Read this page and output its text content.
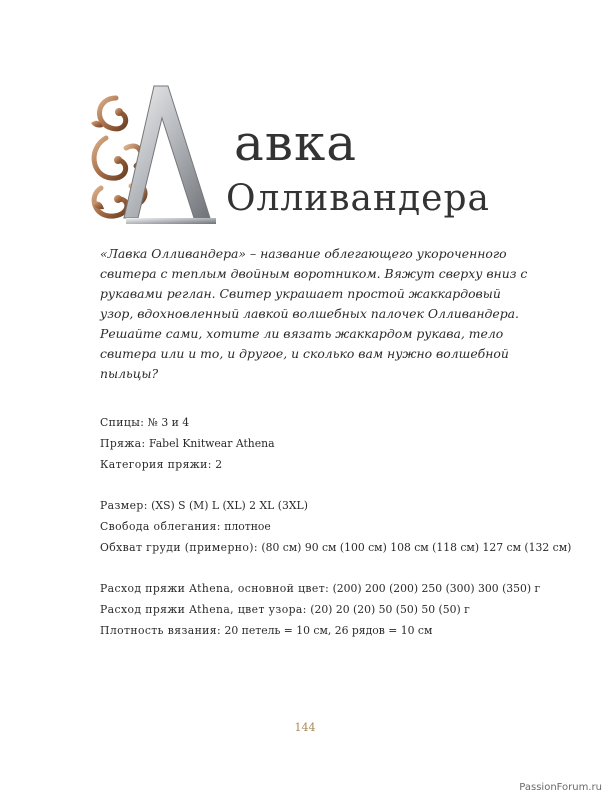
авка
Олливандера

«Лавка Олливандера» – название облегающего укороченного свитера с теплым двойным воротником. Вяжут сверху вниз с рукавами реглан. Свитер украшает простой жаккардовый узор, вдохновленный лавкой волшебных палочек Олливандера. Решайте сами, хотите ли вязать жаккардом рукава, тело свитера или и то, и другое, и сколько вам нужно волшебной пыльцы?

Спицы: № 3 и 4
Пряжа: Fabel Knitwear Athena
Категория пряжи: 2
Размер: (XS) S (M) L (XL) 2 XL (3XL)
Свобода облегания: плотное
Обхват груди (примерно): (80 см) 90 см (100 см) 108 см (118 см) 127 см (132 см)
Расход пряжи Athena, основной цвет: (200) 200 (200) 250 (300) 300 (350) г
Расход пряжи Athena, цвет узора: (20) 20 (20) 50 (50) 50 (50) г
Плотность вязания: 20 петель = 10 см, 26 рядов = 10 см
144
PassionForum.ru
